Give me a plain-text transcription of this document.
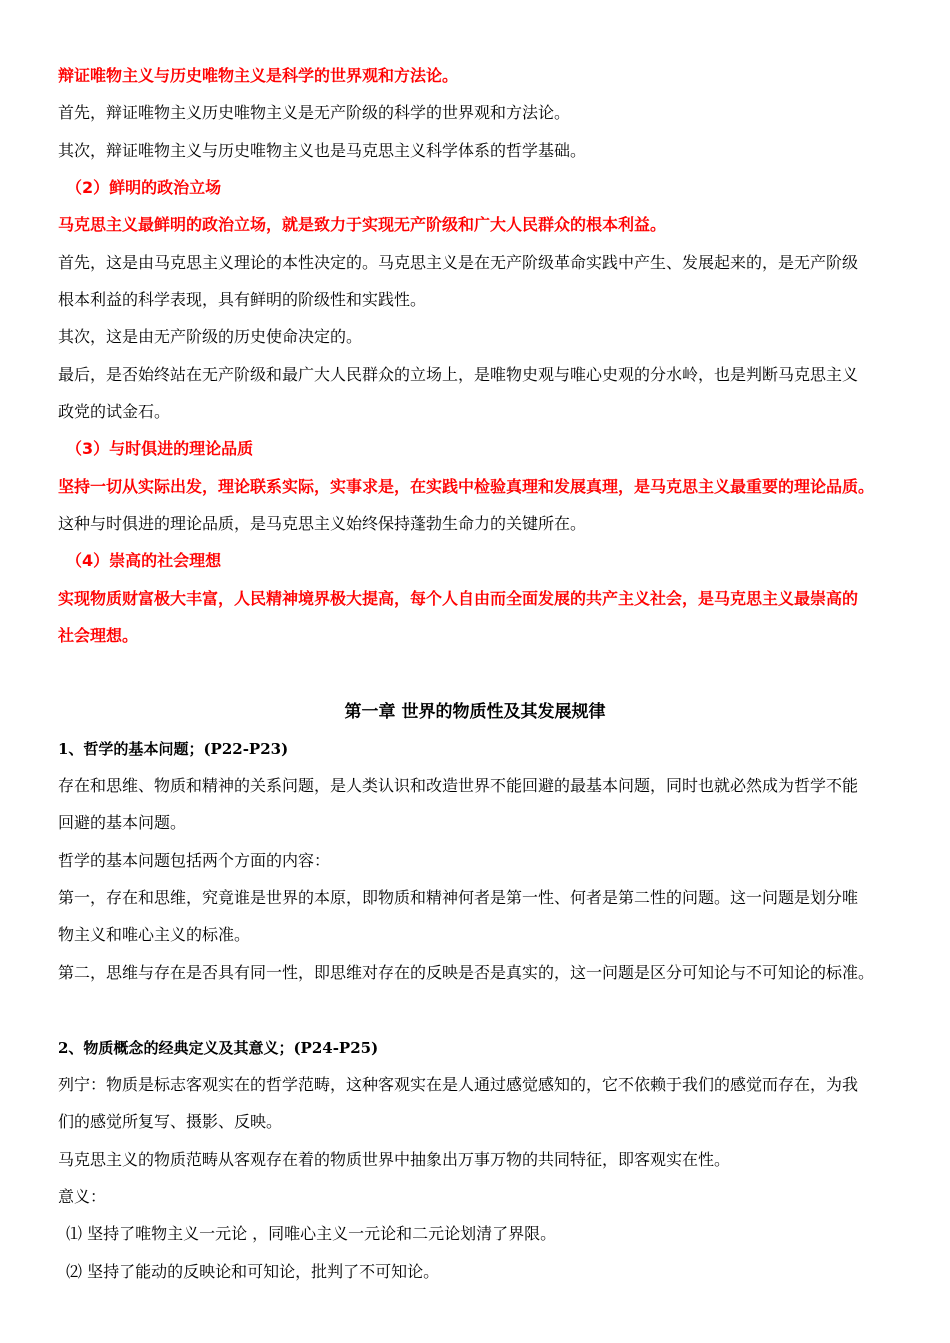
辩证唯物主义与历史唯物主义是科学的世界观和方法论。
首先，辩证唯物主义历史唯物主义是无产阶级的科学的世界观和方法论。
其次，辩证唯物主义与历史唯物主义也是马克思主义科学体系的哲学基础。
（2）鲜明的政治立场
马克思主义最鲜明的政治立场，就是致力于实现无产阶级和广大人民群众的根本利益。
首先，这是由马克思主义理论的本性决定的。马克思主义是在无产阶级革命实践中产生、发展起来的，是无产阶级
根本利益的科学表现，具有鲜明的阶级性和实践性。
其次，这是由无产阶级的历史使命决定的。
最后，是否始终站在无产阶级和最广大人民群众的立场上，是唯物史观与唯心史观的分水岭，也是判断马克思主义
政党的试金石。
（3）与时俱进的理论品质
坚持一切从实际出发，理论联系实际，实事求是，在实践中检验真理和发展真理，是马克思主义最重要的理论品质。
这种与时俱进的理论品质，是马克思主义始终保持蓬勃生命力的关键所在。
（4）崇高的社会理想
实现物质财富极大丰富，人民精神境界极大提高，每个人自由而全面发展的共产主义社会，是马克思主义最崇高的
社会理想。
第一章 世界的物质性及其发展规律
1、哲学的基本问题；(P22-P23)
存在和思维、物质和精神的关系问题，是人类认识和改造世界不能回避的最基本问题，同时也就必然成为哲学不能
回避的基本问题。
哲学的基本问题包括两个方面的内容：
第一，存在和思维，究竟谁是世界的本原，即物质和精神何者是第一性、何者是第二性的问题。这一问题是划分唯
物主义和唯心主义的标准。
第二，思维与存在是否具有同一性，即思维对存在的反映是否是真实的，这一问题是区分可知论与不可知论的标准。
2、物质概念的经典定义及其意义；(P24-P25)
列宁：物质是标志客观实在的哲学范畴，这种客观实在是人通过感觉感知的，它不依赖于我们的感觉而存在，为我
们的感觉所复写、摄影、反映。
马克思主义的物质范畴从客观存在着的物质世界中抽象出万事万物的共同特征，即客观实在性。
意义：
⑴ 坚持了唯物主义一元论 ，同唯心主义一元论和二元论划清了界限。
⑵ 坚持了能动的反映论和可知论，批判了不可知论。
